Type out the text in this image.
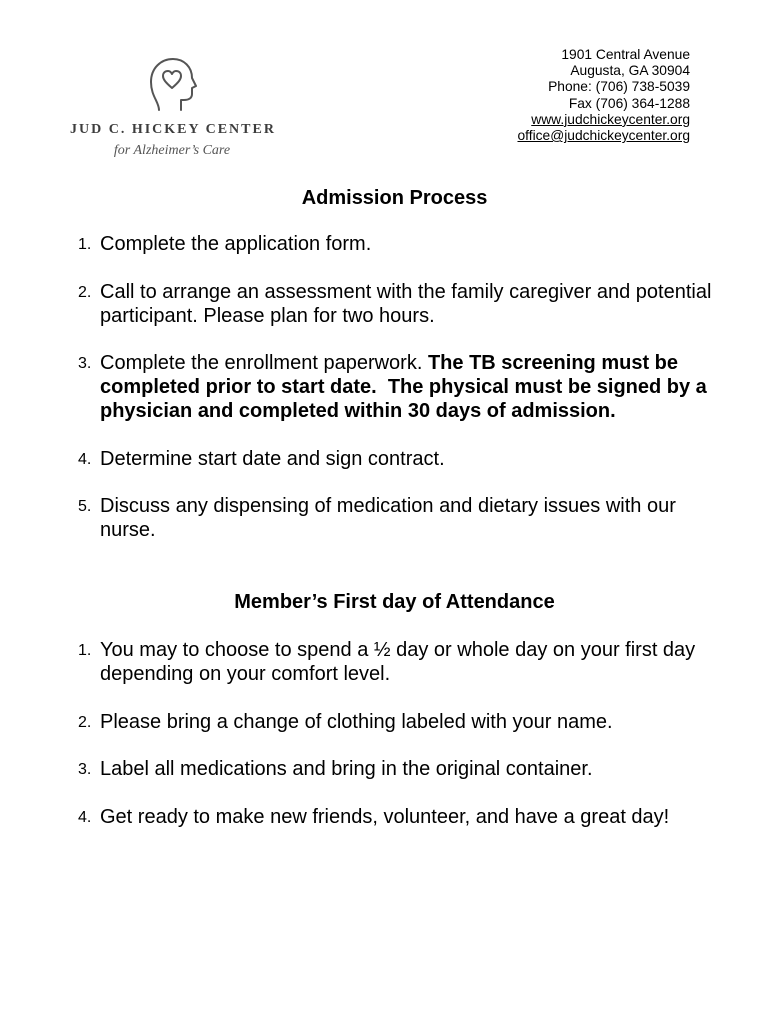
JUD C. HICKEY CENTER
for Alzheimer’s Care
1901 Central Avenue
Augusta, GA 30904
Phone: (706) 738-5039
Fax (706) 364-1288
www.judchickeycenter.org
office@judchickeycenter.org
Admission Process
1. Complete the application form.
2. Call to arrange an assessment with the family caregiver and potential participant. Please plan for two hours.
3. Complete the enrollment paperwork. The TB screening must be completed prior to start date.  The physical must be signed by a physician and completed within 30 days of admission.
4. Determine start date and sign contract.
5. Discuss any dispensing of medication and dietary issues with our nurse.
Member’s First day of Attendance
1. You may to choose to spend a ½ day or whole day on your first day depending on your comfort level.
2. Please bring a change of clothing labeled with your name.
3. Label all medications and bring in the original container.
4. Get ready to make new friends, volunteer, and have a great day!
